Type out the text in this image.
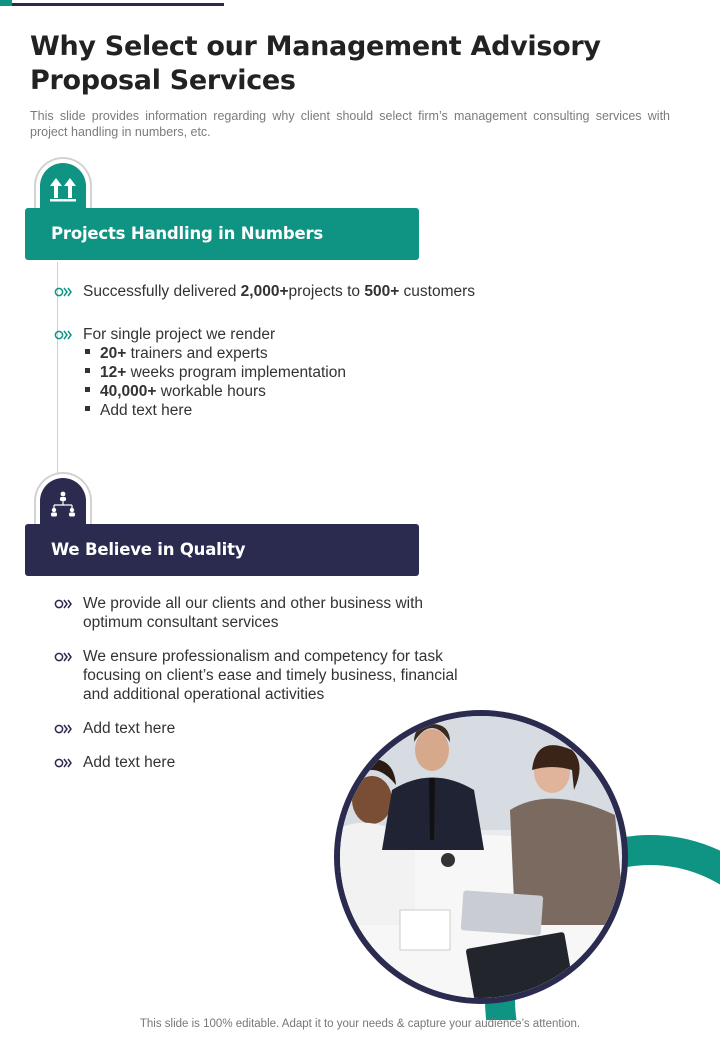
Why Select our Management Advisory Proposal Services

This slide provides information regarding why client should select firm’s management consulting services with project handling in numbers, etc.

Projects Handling in Numbers
Successfully delivered 2,000+projects to 500+ customers
For single project we render
20+ trainers and experts
12+ weeks program implementation
40,000+ workable hours
Add text here
We Believe in Quality
We provide all our clients and other business with optimum consultant services
We ensure professionalism and competency for task focusing on client’s ease and timely business, financial and additional operational activities
Add text here
Add text here
This slide is 100% editable. Adapt it to your needs & capture your audience’s attention.
